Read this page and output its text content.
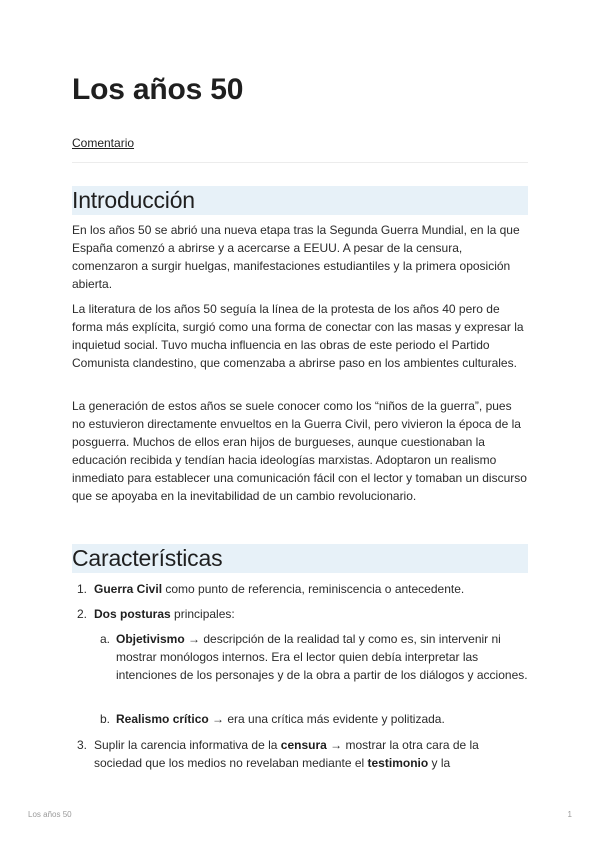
Los años 50
Comentario
Introducción

En los años 50 se abrió una nueva etapa tras la Segunda Guerra Mundial, en la que España comenzó a abrirse y a acercarse a EEUU. A pesar de la censura, comenzaron a surgir huelgas, manifestaciones estudiantiles y la primera oposición abierta.

La literatura de los años 50 seguía la línea de la protesta de los años 40 pero de forma más explícita, surgió como una forma de conectar con las masas y expresar la inquietud social. Tuvo mucha influencia en las obras de este periodo el Partido Comunista clandestino, que comenzaba a abrirse paso en los ambientes culturales.

La generación de estos años se suele conocer como los “niños de la guerra”, pues no estuvieron directamente envueltos en la Guerra Civil, pero vivieron la época de la posguerra. Muchos de ellos eran hijos de burgueses, aunque cuestionaban la educación recibida y tendían hacia ideologías marxistas. Adoptaron un realismo inmediato para establecer una comunicación fácil con el lector y tomaban un discurso que se apoyaba en la inevitabilidad de un cambio revolucionario.

Características
1. Guerra Civil como punto de referencia, reminiscencia o antecedente.
2. Dos posturas principales:
a. Objetivismo → descripción de la realidad tal y como es, sin intervenir ni mostrar monólogos internos. Era el lector quien debía interpretar las intenciones de los personajes y de la obra a partir de los diálogos y acciones.
b. Realismo crítico → era una crítica más evidente y politizada.
3. Suplir la carencia informativa de la censura → mostrar la otra cara de la sociedad que los medios no revelaban mediante el testimonio y la
Los años 50	1
